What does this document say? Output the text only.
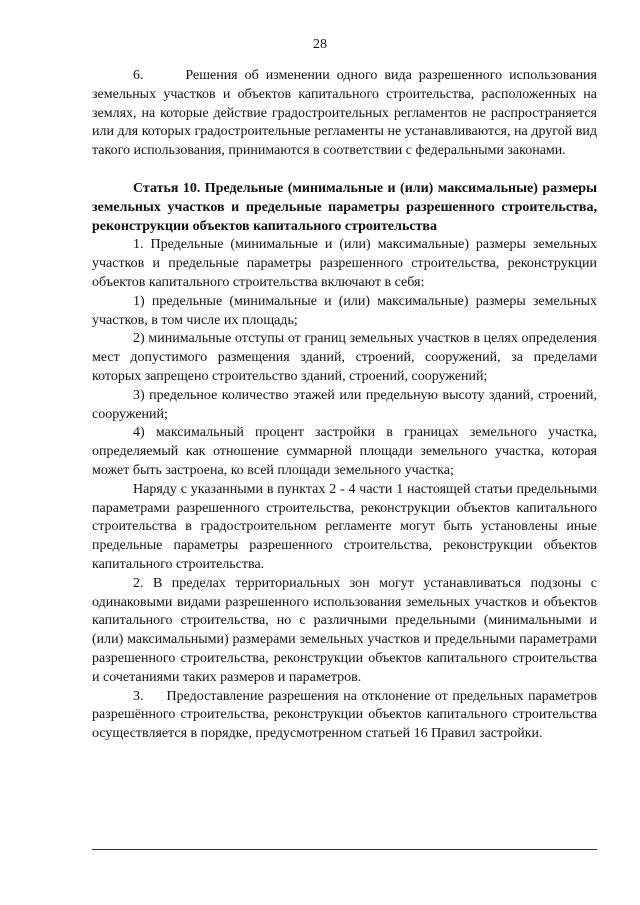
28

6.      Решения об изменении одного вида разрешенного использования земельных участков и объектов капитального строительства, расположенных на землях, на которые действие градостроительных регламентов не распространяется или для которых градостроительные регламенты не устанавливаются, на другой вид такого использования, принимаются в соответствии с федеральными законами.

Статья 10. Предельные (минимальные и (или) максимальные) размеры земельных участков и предельные параметры разрешенного строительства, реконструкции объектов капитального строительства

1. Предельные (минимальные и (или) максимальные) размеры земельных участков и предельные параметры разрешенного строительства, реконструкции объектов капитального строительства включают в себя:

1) предельные (минимальные и (или) максимальные) размеры земельных участков, в том числе их площадь;

2) минимальные отступы от границ земельных участков в целях определения мест допустимого размещения зданий, строений, сооружений, за пределами которых запрещено строительство зданий, строений, сооружений;

3) предельное количество этажей или предельную высоту зданий, строений, сооружений;

4) максимальный процент застройки в границах земельного участка, определяемый как отношение суммарной площади земельного участка, которая может быть застроена, ко всей площади земельного участка;

Наряду с указанными в пунктах 2 - 4 части 1 настоящей статьи предельными параметрами разрешенного строительства, реконструкции объектов капитального строительства в градостроительном регламенте могут быть установлены иные предельные параметры разрешенного строительства, реконструкции объектов капитального строительства.

2. В пределах территориальных зон могут устанавливаться подзоны с одинаковыми видами разрешенного использования земельных участков и объектов капитального строительства, но с различными предельными (минимальными и (или) максимальными) размерами земельных участков и предельными параметрами разрешенного строительства, реконструкции объектов капитального строительства и сочетаниями таких размеров и параметров.

3.     Предоставление разрешения на отклонение от предельных параметров разрешённого строительства, реконструкции объектов капитального строительства осуществляется в порядке, предусмотренном статьей 16 Правил застройки.
